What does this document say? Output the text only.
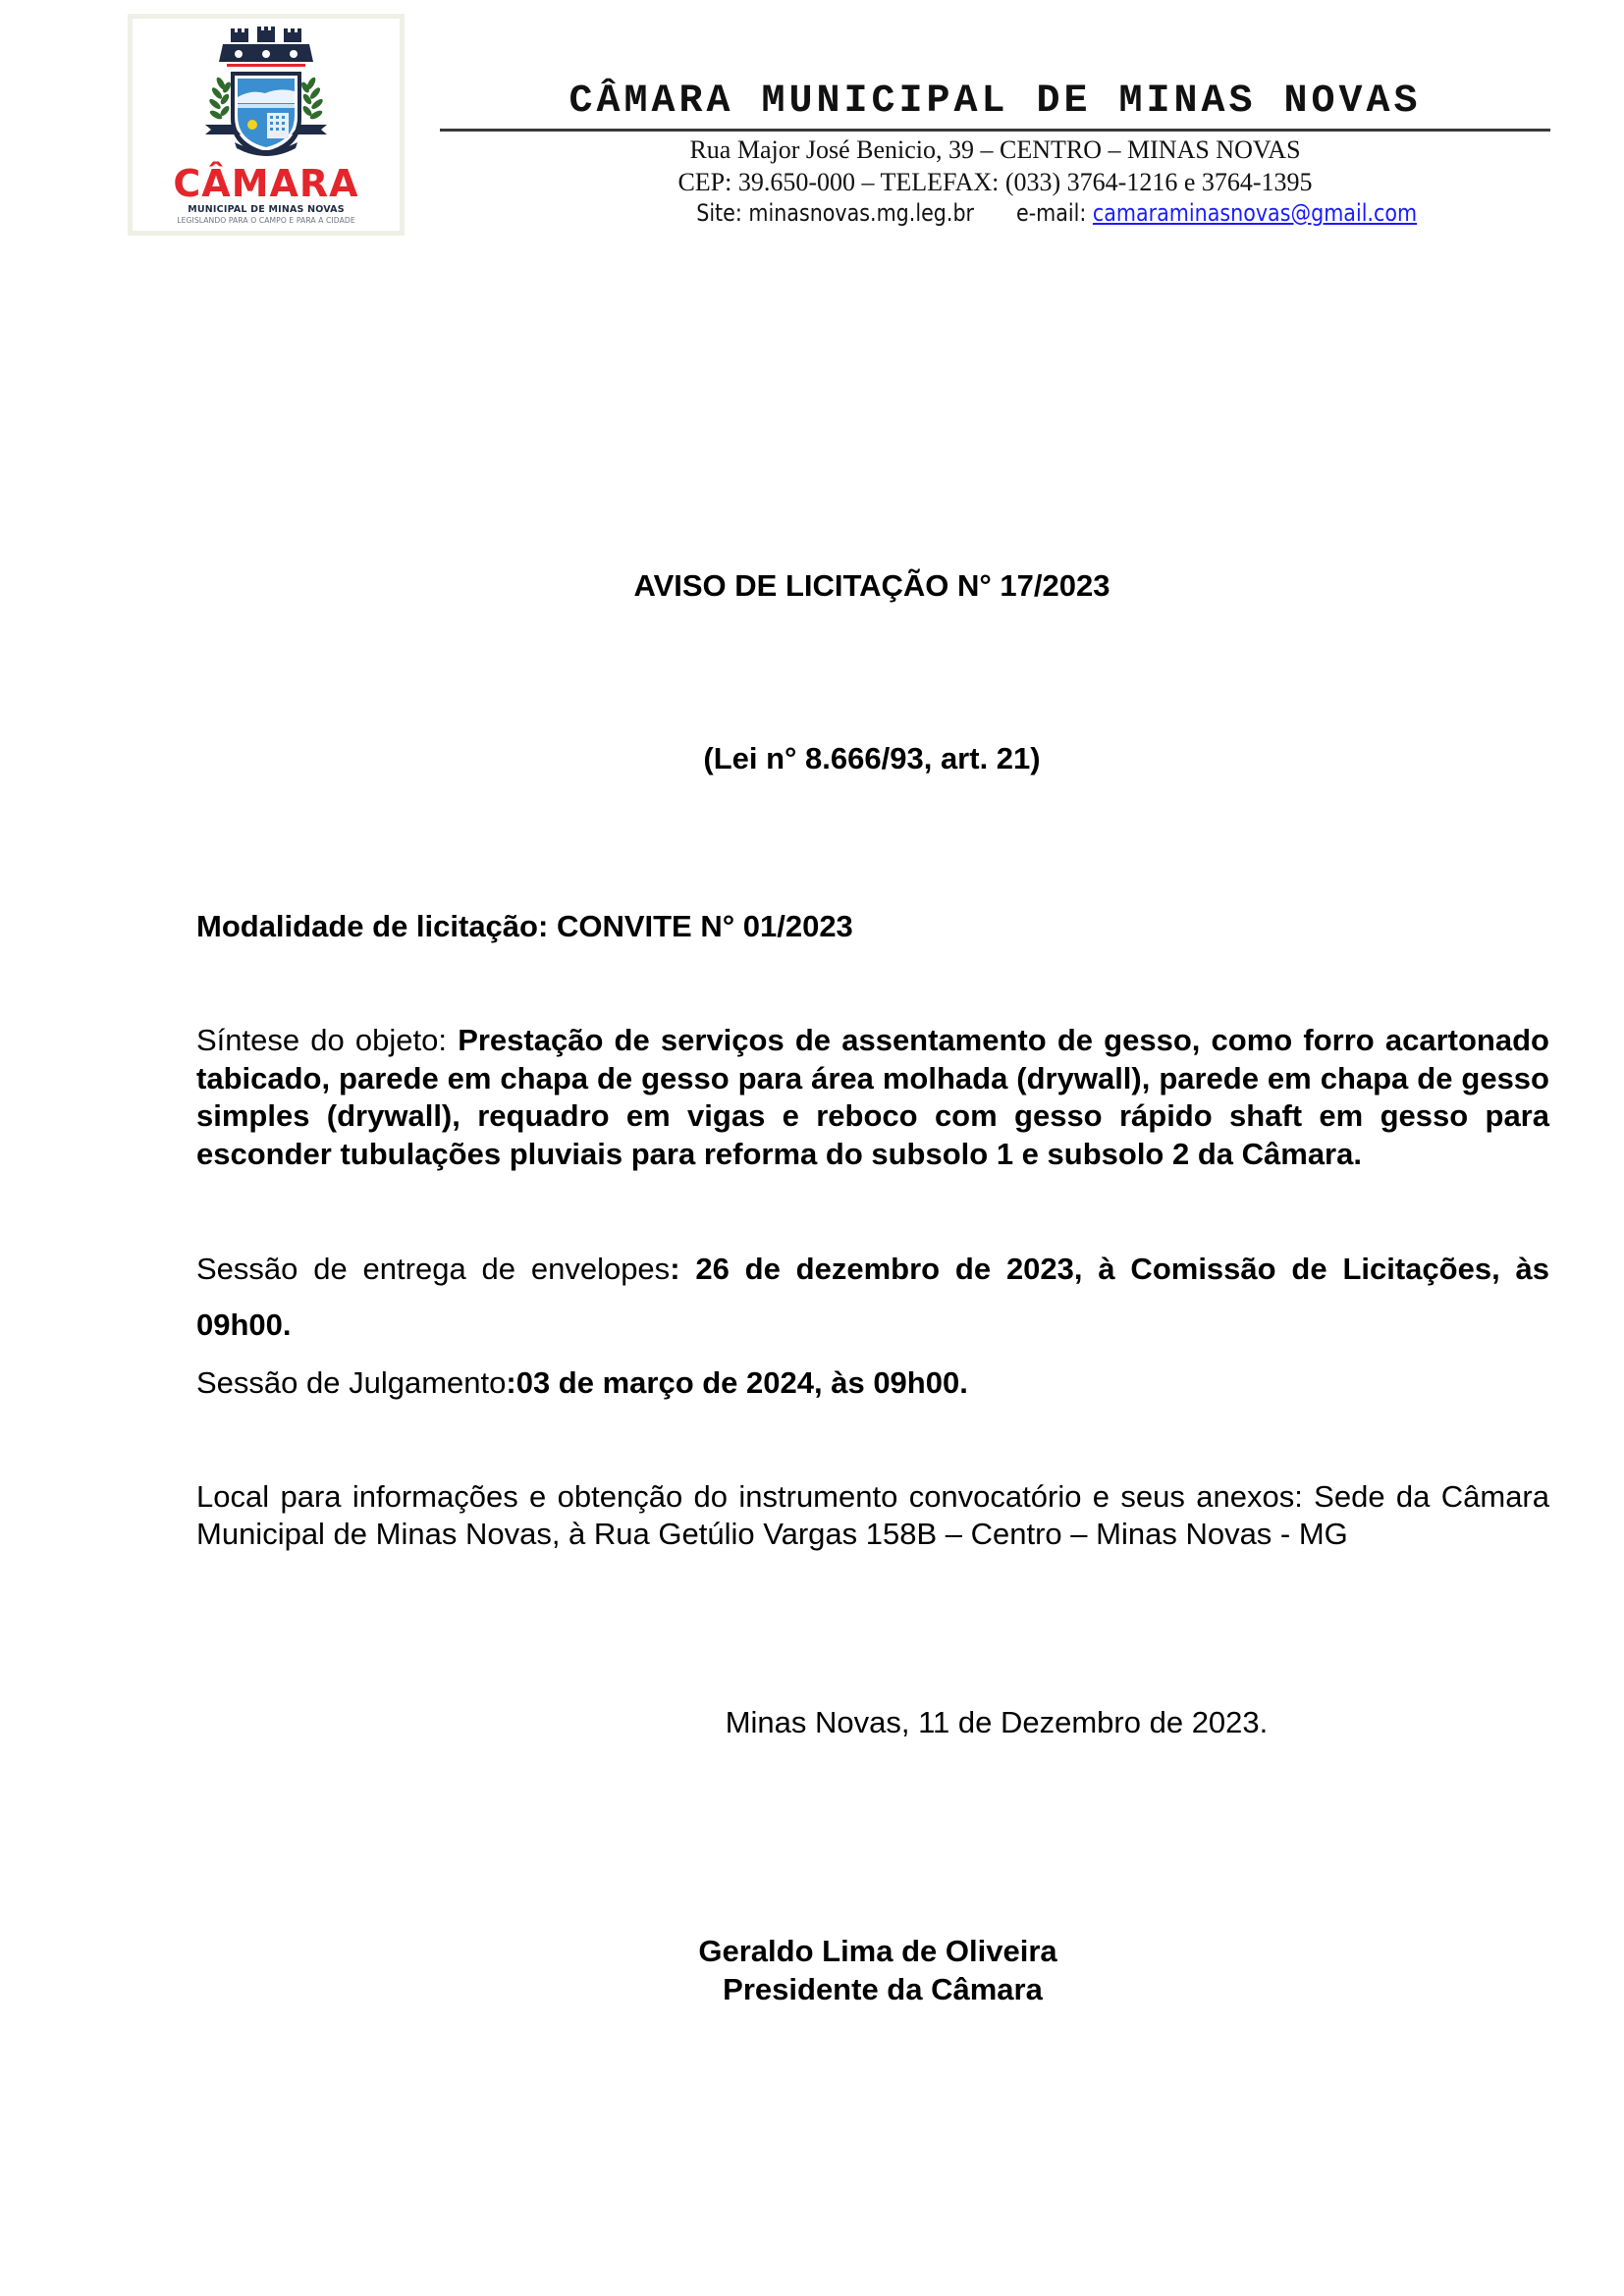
CÂMARA
MUNICIPAL DE MINAS NOVAS
LEGISLANDO PARA O CAMPO E PARA A CIDADE
CÂMARA MUNICIPAL DE MINAS NOVAS
Rua Major José Benicio, 39 – CENTRO – MINAS NOVAS
CEP: 39.650-000 – TELEFAX: (033) 3764-1216 e 3764-1395
Site: minasnovas.mg.leg.br e-mail: camaraminasnovas@gmail.com
AVISO DE LICITAÇÃO N° 17/2023
(Lei n° 8.666/93, art. 21)
Modalidade de licitação: CONVITE N° 01/2023
Síntese do objeto: Prestação de serviços de assentamento de gesso, como forro acartonado tabicado, parede em chapa de gesso para área molhada (drywall), parede em chapa de gesso simples (drywall), requadro em vigas e reboco com gesso rápido shaft em gesso para esconder tubulações pluviais para reforma do subsolo 1 e subsolo 2 da Câmara.
Sessão de entrega de envelopes: 26 de dezembro de 2023, à Comissão de Licitações, às
09h00.
Sessão de Julgamento:03 de março de 2024, às 09h00.
Local para informações e obtenção do instrumento convocatório e seus anexos: Sede da Câmara Municipal de Minas Novas, à Rua Getúlio Vargas 158B – Centro – Minas Novas - MG
Minas Novas, 11 de Dezembro de 2023.
Geraldo Lima de Oliveira
Presidente da Câmara
